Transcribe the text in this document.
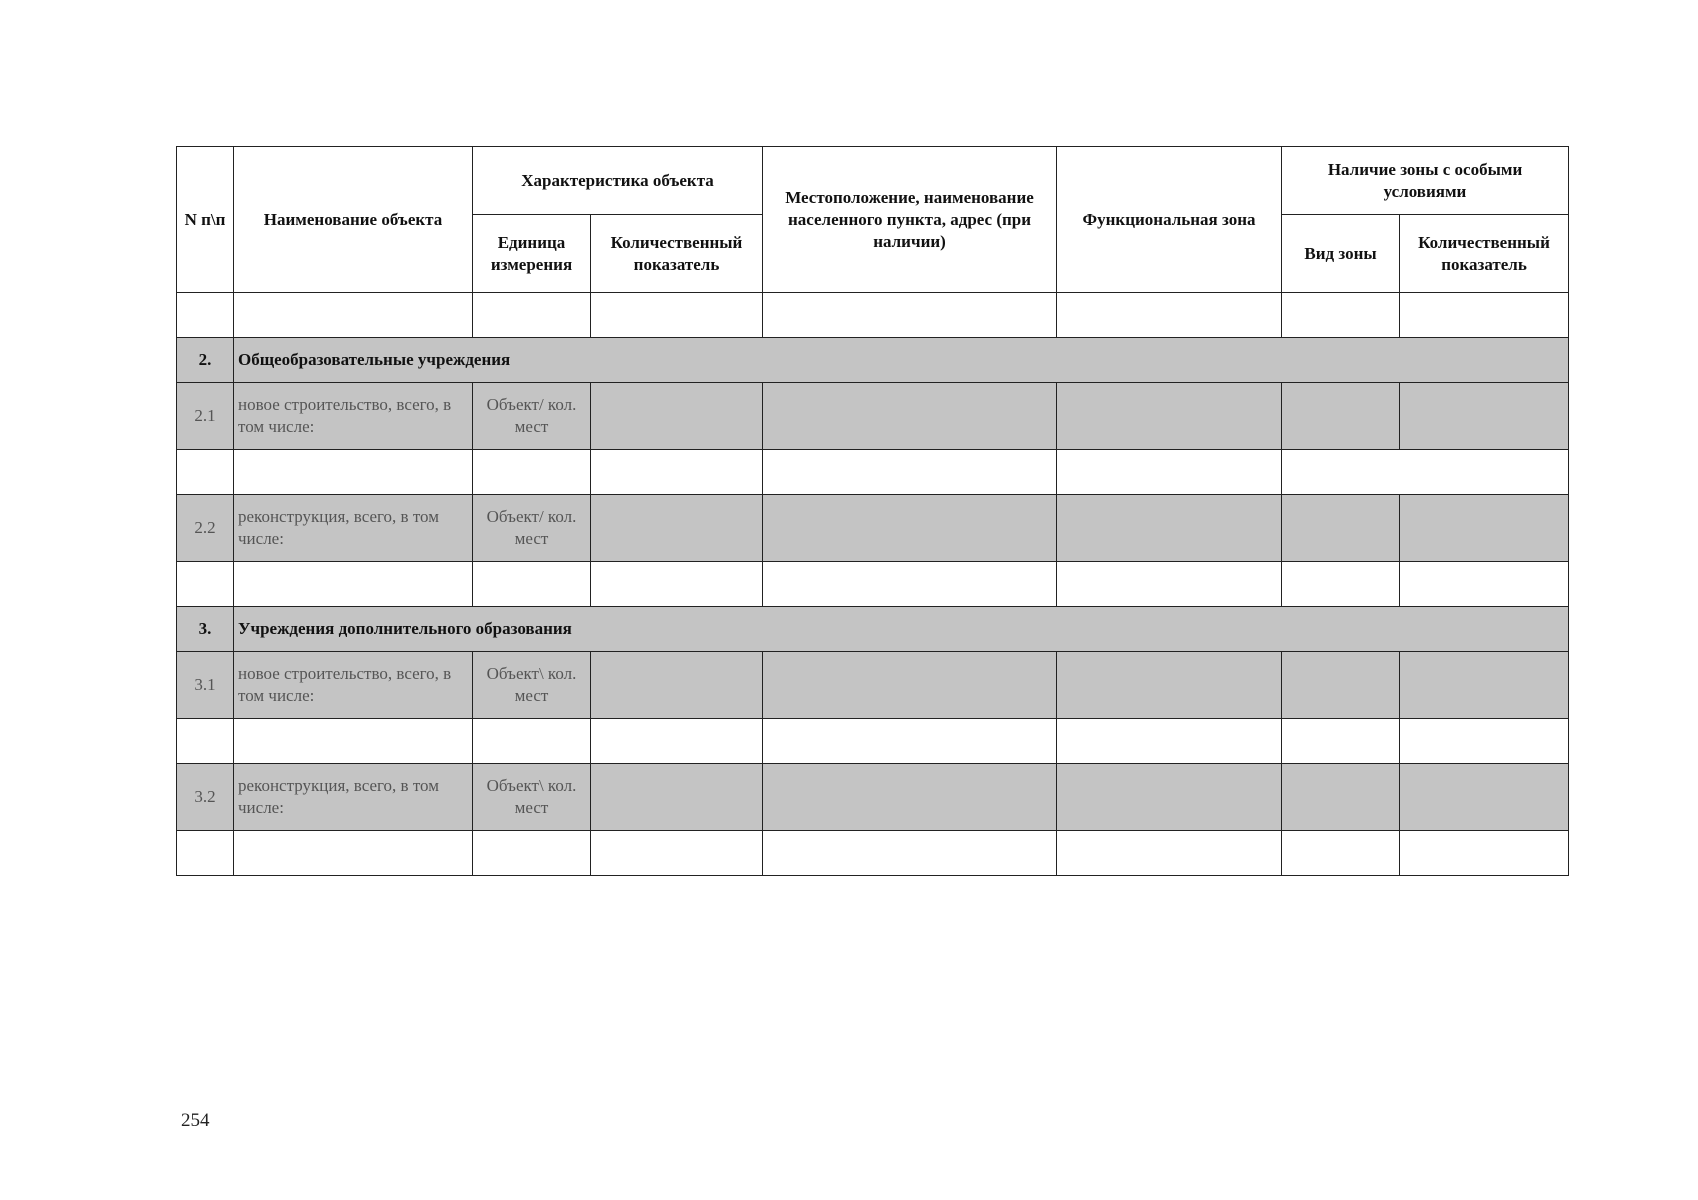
N п\п	Наименование объекта	Характеристика объекта		Местоположение, наименование населенного пункта, адрес (при наличии)	Функциональная зона	Наличие зоны с особыми условиями	
		Единица измерения	Количественный показатель			Вид зоны	Количественный показатель

2.	Общеобразовательные учреждения						
2.1	новое строительство, всего, в том числе:	Объект/ кол. мест					

2.2	реконструкция, всего, в том числе:	Объект/ кол. мест					

3.	Учреждения дополнительного образования						
3.1	новое строительство, всего, в том числе:	Объект\ кол. мест					

3.2	реконструкция, всего, в том числе:	Объект\ кол. мест					

254
